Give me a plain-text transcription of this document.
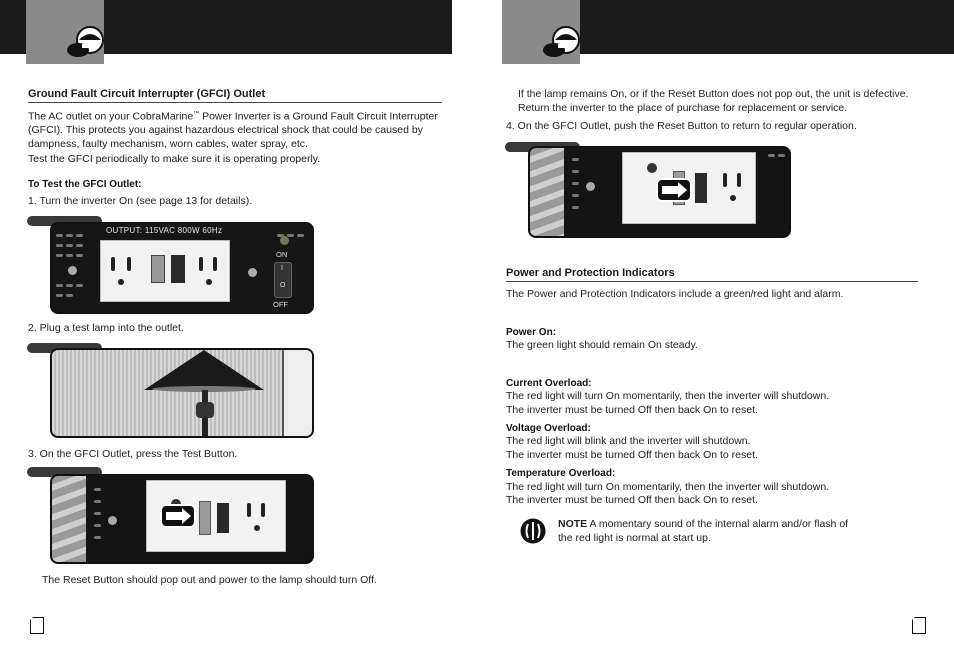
Ground Fault Circuit Interrupter (GFCI) Outlet
The AC outlet on your CobraMarine™ Power Inverter is a Ground Fault Circuit Interrupter (GFCI). This protects you against hazardous electrical shock that could be caused by dampness, faulty mechanism, worn cables, water spray, etc.
Test the GFCI periodically to make sure it is operating properly.
To Test the GFCI Outlet:
1. Turn the inverter On (see page 13 for details).
OUTPUT: 115VAC 800W 60Hz
ON
I
O
OFF
2. Plug a test lamp into the outlet.
3. On the GFCI Outlet, press the Test Button.
The Reset Button should pop out and power to the lamp should turn Off.
If the lamp remains On, or if the Reset Button does not pop out, the unit is defective. Return the inverter to the place of purchase for replacement or service.
4. On the GFCI Outlet, push the Reset Button to return to regular operation.
Power and Protection Indicators
The Power and Protection Indicators include a green/red light and alarm.
Power On:
The green light should remain On steady.
Current Overload:
The red light will turn On momentarily, then the inverter will shutdown.
The inverter must be turned Off then back On to reset.
Voltage Overload:
The red light will blink and the inverter will shutdown.
The inverter must be turned Off then back On to reset.
Temperature Overload:
The red light will turn On momentarily, then the inverter will shutdown.
The inverter must be turned Off then back On to reset.
NOTE A momentary sound of the internal alarm and/or flash of the red light is normal at start up.
